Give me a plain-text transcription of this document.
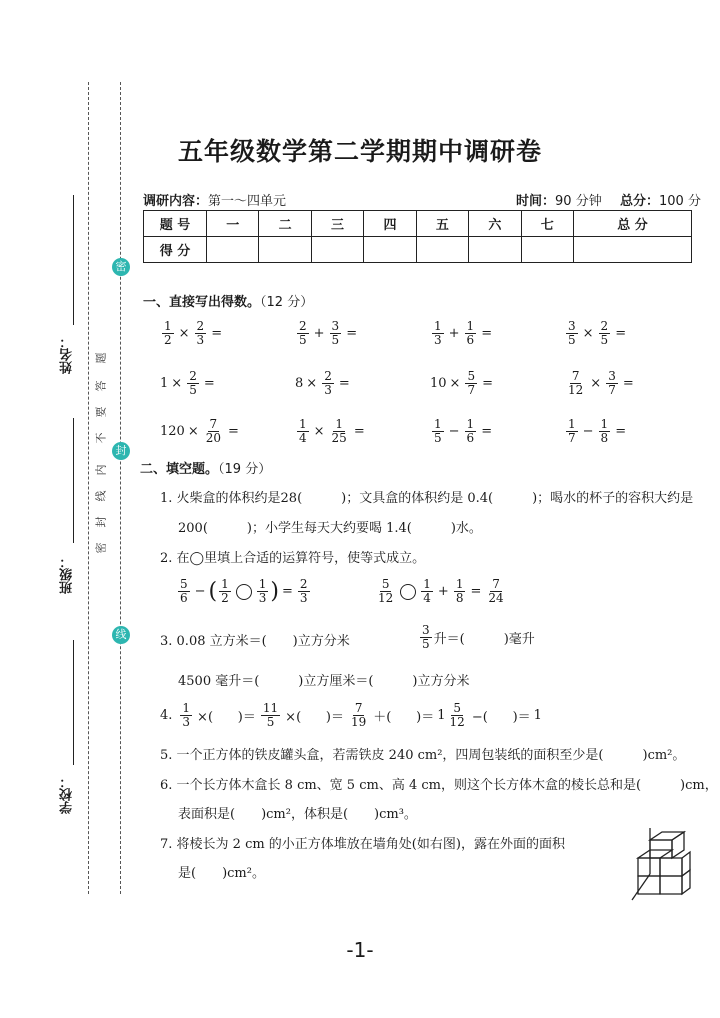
姓名：
班级：
学校：
密
封
线
密
封
线
内
不
要
答
题
五年级数学第二学期期中调研卷
调研内容：第一～四单元	时间：90 分钟 总分：100 分
题 号	一	二	三	四	五	六	七	总 分
得 分								
一、直接写出得数。（12 分）
$\frac{1}{2} \times \frac{2}{3}$ =	$\frac{2}{5} + \frac{3}{5}$ =	$\frac{1}{3} + \frac{1}{6}$ =	$\frac{3}{5} \times \frac{2}{5}$ =
$1 \times \frac{2}{5}$ =	$8 \times \frac{2}{3}$ =	$10 \times \frac{5}{7}$ =	$\frac{7}{12} \times \frac{3}{7}$ =
$120 \times \frac{7}{20}$ =	$\frac{1}{4} \times \frac{1}{25}$ =	$\frac{1}{5} - \frac{1}{6}$ =	$\frac{1}{7} - \frac{1}{8}$ =
二、填空题。（19 分）
1. 火柴盒的体积约是28(　　　)；文具盒的体积约是 0.4(　　　)；喝水的杯子的容积大约是
200(　　　)；小学生每天大约要喝 1.4(　　　)水。
2. 在◯里填上合适的运算符号，使等式成立。
$\frac{5}{6}$ − ( $\frac{1}{2} \frac{1}{3}$ ) = $\frac{2}{3}$	$\frac{5}{12} \frac{1}{4} + \frac{1}{8} = \frac{7}{24}$
3. 0.08 立方米＝(　　)立方分米	$\frac{3}{5}$ 升＝(　　　)毫升
4500 毫升＝(　　　)立方厘米＝(　　　)立方分米
4. $\frac{1}{3}$ ×(      )＝ $\frac{11}{5}$ ×(      )＝ $\frac{7}{19}$ ＋(      )＝ $1 \frac{5}{12}$ −(      )＝ 1
5. 一个正方体的铁皮罐头盒，若需铁皮 240 cm²，四周包装纸的面积至少是(　　　)cm²。
6. 一个长方体木盒长 8 cm、宽 5 cm、高 4 cm，则这个长方体木盒的棱长总和是(　　　)cm，
表面积是(　　)cm²，体积是(　　)cm³。
7. 将棱长为 2 cm 的小正方体堆放在墙角处(如右图)，露在外面的面积
是(　　)cm²。
-1-
